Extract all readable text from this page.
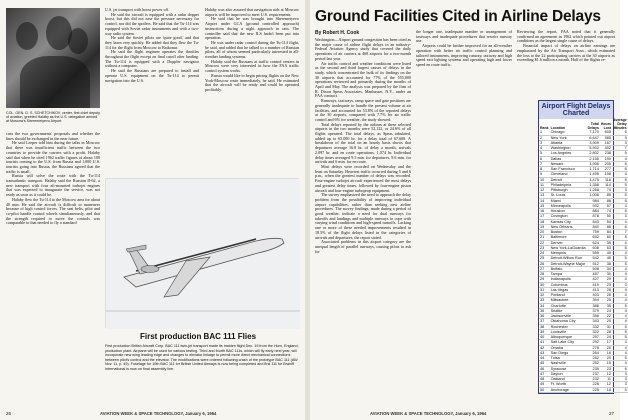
COL. GEN. G. S. SCHETCHIKOV, center, first chief deputy of aviation, greeted Halaby as the U.S. delegation arrived at Moscow's Sheremetyevo Airport.

cuss the two governments' proposals and whether the lines should be exchanged in the near future.

He said Leeper told him during the talks in Moscow that there was insufficient traffic between the two countries to provide the carriers with a profit. Halaby said that when he cited 1962 traffic figures of about 100 tourists coming to the U.S. from Russia and 1,000 U.S. tourists going into Russia, the Russians agreed that the traffic is small.

Russia will solve the route with the Tu-114 transatlantic transport. Halaby said the Russian II-62, a new transport with four aft-mounted turbojet engines that was expected to inaugurate the service, was not ready as soon as it could be.

Halaby flew the Tu-114 to the Moscow area for about 40 min. He said the aircraft is difficult to maneuver because of high control forces. The seat belts, pilot and co-pilot handle control wheels simultaneously, and that the strength required to move the controls was comparable to that needed to fly a standard

U.S. jet transport with boost power off.

He said the aircraft is equipped with a radar dopper boost, but this did not ease the pressure necessary for control, nor did the spoilers. He said that the Tu-114 was equipped with Soviet radar instruments and with a two-way radio system.

He said the Soviet pilots are 'quite good,' and that they learn very quickly. He added that they flew the Tu-114 for the flight from Moscow to Baikonur.

He said the flight engineer operates the throttles throughout the flight except on final cutoff after landing. The Tu-114 is equipped with a Doppler navigator without a computer.

He said the Russians are prepared to install and operate U.S. equipment on the Tu-114 to permit navigation into the U.S.

Halaby was also assured that navigation aids at Moscow airports will be improved to meet U.S. requirements.

He said that he was brought into Sheremetyevo Airport under GCA (ground controlled approach) instructions during a night approach in rain. The controller said that the new ILS hadn't been put into operation.

He was under radar control during the Tu-114 flight, he said, and added that he talked to a number of Russian pilots, all of whom seemed particularly interested in all-weather landing systems.

Halaby said the Russians at traffic control centers in Moscow were very interested in how the FAA traffic control system works.

Russia would like to begin pricing flights on the New York-Moscow route immediately, he said. He estimated that the aircraft will be ready and could be operated profitably.

First production BAC 111 Flies
First production British Aircraft Corp. BAC 111 twin-jet transport made its maiden flight Dec. 19 from the Hurn, England, production plant. Airplane will be used for various testing. Third and fourth BAC 111s, which will fly early next year, will incorporate new wing leading edge and changes to elevator linkage to permit more direct mechanical connections between pilot's control and the elevator. The modifications were ordered following crash of the prototype BAC 111 (AW Nov. 11, p. 49). Fuselage for 10th BAC 111 for British United Airways is now being completed and first 111 for Braniff International is now on final assembly line.
26	AVIATION WEEK & SPACE TECHNOLOGY, January 6, 1964
Ground Facilities Cited in Airline Delays
By Robert H. Cook

Washington—Airport ground congestion has been cited as the major cause of airline flight delays in an industry-Federal Aviation Agency study that covered the daily operations of air carriers at 468 airports for a two-month period last year.

Air traffic control and weather conditions were listed as the second and third largest causes of delays in the study, which concentrated the bulk of its findings on the 30 airports that accounted for 77% of the 555,000 operations reviewed and primarily during the months of April and May. The analysis was prepared by the firm of R. Dixon Speas Associates, Manhasset, N.Y., under an FAA contract.

Runways, taxiways, ramp space and gate positions are generally inadequate to handle the present volume at air facilities, and accounted for 53.8% of the reported delays at the 30 airports, compared with 7.7% for air traffic control and 6% for weather, the study showed.

Total delays reported by the airlines at these selected airports in the two months were 52,122, or 24.6% of all flights operated. The total delays, as Speas tabulated, added up to 65,000 hr. for a delay total of 67,600. A breakdown of the total on an hourly basis shows that departures average 16.8 hr. of delay a month, arrivals 2,097 hr. and en route operations, 1,074 hr. Individual delay times averaged 9.5 min. for departures, 9.6 min. for arrivals and 6 min. for en route.

Most delays were recorded on Wednesday and the least on Saturday. Heaviest traffic occurred during 5 and 6 p.m., when the greatest number of delays was recorded. Four-engine turbojet aircraft experienced the most delays and greatest delay times, followed by four-engine piston aircraft and four-engine turboprop equipment.

The survey emphasized the need to approach the delay problem from the possibility of improving individual airport capabilities, rather than seeking new airline procedures. The survey findings, made during a period of good weather, indicate a need for dual runways for takeoffs and landings and multiple runways to cope with varying wind conditions and high-speed turnoffs. Lacking one or more of these needed improvements resulted in 18.5% of the flight delays listed in the categories of arrivals and departures, the report stated.

Associated problems in this airport category are the unequal length of parallel runways, causing pilots to ask for

the longer one, inadequate number or arrangement of taxiways and inadequate procedures that restrict runway use.

Airports could be further improved for an all-weather operation with better air traffic control planning and tailored instruments, improving runway, taxiway and high speed exit lighting systems and operating high and lower speed en route traffic.

Reviewing the report, FAA noted that it generally confirmed an agreement in 1962 which pointed out airport conditions as the largest single cause of delays.

Financial impact of delays on airline earnings are emphasized by the Air Transport Assn., which estimated the loss to the 22 participating carriers at the 30 airports as exceeding $1.6 million a month. Half of the flights re-

AVIATION WEEK & SPACE TECHNOLOGY, January 6, 1964	27
Airport Flight Delays Charted
Rank	Location	Total Delays	Hours Lost	Average Delay Minutes
1	Chicago	7,170	605	5
2	New York	6,647	985	9
3	Atlanta	3,909	167	3
4	Washington	5,902	402	7
5	Los Angeles	2,802	238	5
6	Dallas	2,155	190	4
7	Newark	1,906	205	6
8	San Francisco	1,714	277	6
9	Cleveland	1,495	108	4
10	Detroit	1,475	116	5
11	Philadelphia	1,358	114	5
12	Pittsburgh	1,268	74	3
13	St. Louis	1,006	85	5
14	Miami	984	86	5
15	Minneapolis	932	57	4
16	Houston	884	74	5
17	Covington	878	50	3
18	Kansas City	843	54	4
19	New Orleans	840	86	6
20	Boston	759	84	7
21	Baltimore	692	60	5
22	Denver	624	39	4
23	New York-LaGuardia	608	63	6
24	Memphis	559	40	4
25	Detroit-Willow Run	542	45	5
26	Detroit-Wayne Major	512	38	5
27	Buffalo	508	34	4
28	Tampa	457	30	4
29	Indianapolis	427	29	4
30	Columbus	419	23	3
31	Las Vegas	413	28	4
32	Portland	403	28	4
33	Milwaukee	394	25	4
34	Charlotte	388	35	5
35	Seattle	379	24	4
36	Jacksonville	356	22	4
37	Oklahoma City	343	20	4
38	Rochester	332	31	5
39	Louisville	322	28	5
40	Albuquerque	297	24	5
41	Salt Lake City	292	17	4
42	Omaha	278	20	4
43	San Diego	264	16	4
44	Tulsa	262	20	5
45	Nashville	252	15	4
46	Syracuse	239	23	6
47	Dayton	237	12	3
48	Oakland	232	11	3
49	Ft. Worth	228	12	3
50	Anchorage	225	18	5
